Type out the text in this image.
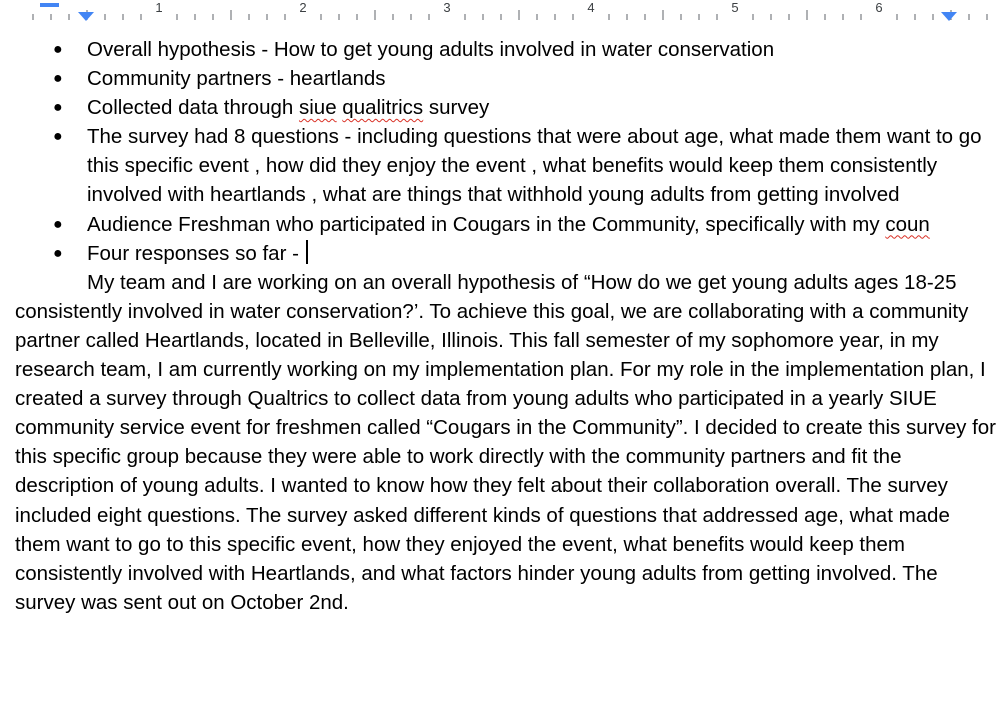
1	2	3	4	5	6
● Overall hypothesis - How to get young adults involved in water conservation
● Community partners - heartlands
● Collected data through siue qualitrics survey
● The survey had 8 questions - including questions that were about age, what made them want to go this specific event , how did they enjoy the event , what benefits would keep them consistently involved with heartlands , what are things that withhold young adults from getting involved
● Audience Freshman who participated in Cougars in the Community, specifically with my coun
● Four responses so far -

My team and I are working on an overall hypothesis of “How do we get young adults ages 18-25 consistently involved in water conservation?’. To achieve this goal, we are collaborating with a community partner called Heartlands, located in Belleville, Illinois. This fall semester of my sophomore year, in my research team, I am currently working on my implementation plan. For my role in the implementation plan, I created a survey through Qualtrics to collect data from young adults who participated in a yearly SIUE community service event for freshmen called “Cougars in the Community”. I decided to create this survey for this specific group because they were able to work directly with the community partners and fit the description of young adults. I wanted to know how they felt about their collaboration overall. The survey included eight questions. The survey asked different kinds of questions that addressed age, what made them want to go to this specific event, how they enjoyed the event, what benefits would keep them consistently involved with Heartlands, and what factors hinder young adults from getting involved. The survey was sent out on October 2nd.
